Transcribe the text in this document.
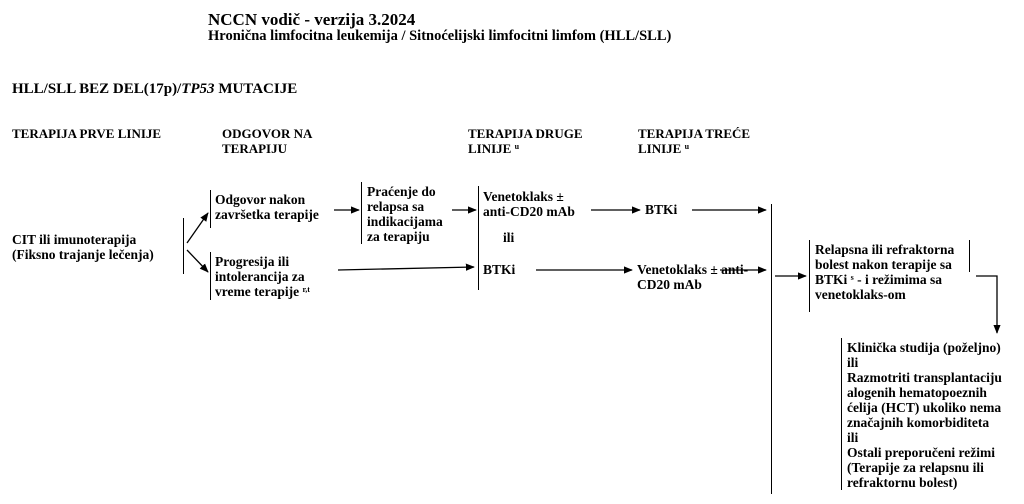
NCCN vodič - verzija 3.2024
Hronična limfocitna leukemija / Sitnoćelijski limfocitni limfom (HLL/SLL)
HLL/SLL BEZ DEL(17p)/TP53 MUTACIJE
TERAPIJA PRVE LINIJE	ODGOVOR NA
TERAPIJU
TERAPIJA DRUGE
LINIJE $^u$
TERAPIJA TREĆE
LINIJE $^u$
CIT ili imunoterapija
(Fiksno trajanje lečenja)
Odgovor nakon
završetka terapije
Progresija ili
intolerancija za
vreme terapije $^{r,t}$
Praćenje do
relapsa sa
indikacijama
za terapiju
Venetoklaks ±
anti-CD20 mAb
ili
BTKi
BTKi
Venetoklaks ± anti-
CD20 mAb
Relapsna ili refraktorna
bolest nakon terapije sa
BTKi $^s$ - i režimima sa
venetoklaks-om
Klinička studija (poželjno)
ili
Razmotriti transplantaciju
alogenih hematopoeznih
ćelija (HCT) ukoliko nema
značajnih komorbiditeta
ili
Ostali preporučeni režimi
(Terapije za relapsnu ili
refraktornu bolest)
